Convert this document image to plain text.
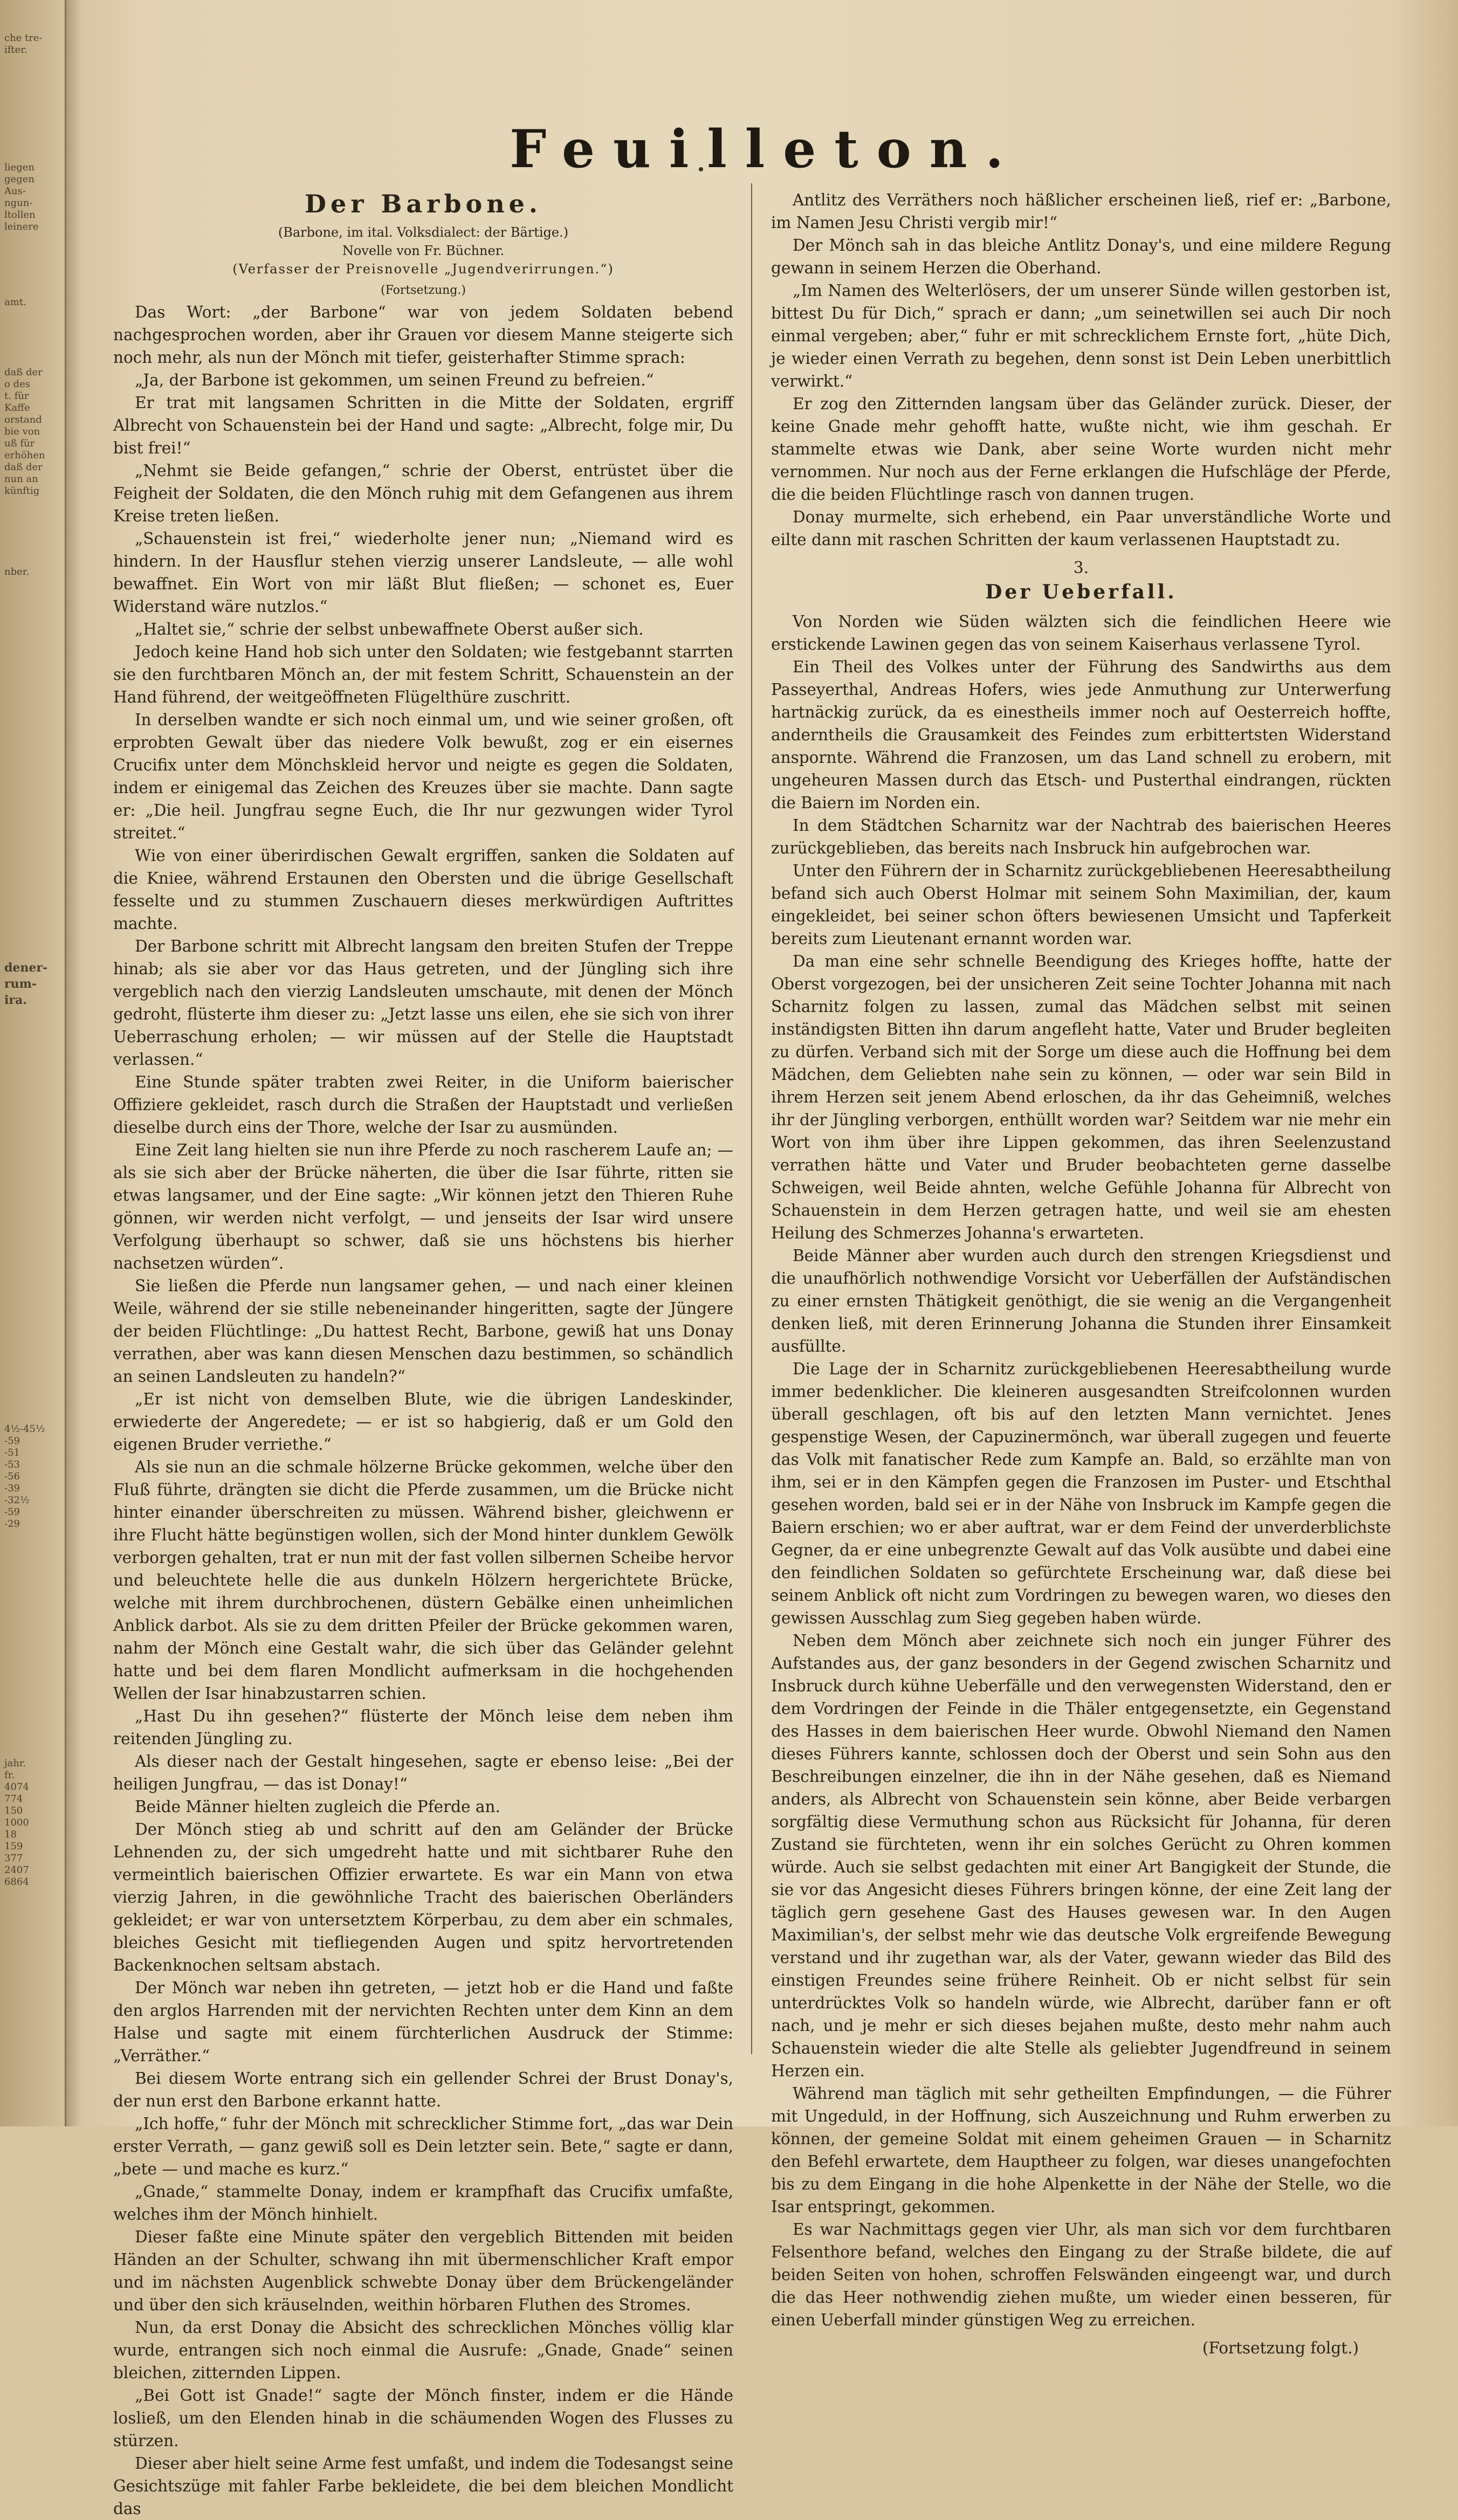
che tre-
ifter.
liegen
gegen
Aus-
ngun-
ltollen
leinere
amt.
daß der
o des
t. für
Kaffe
orstand
bie von
uß für
erhöhen
daß der
nun an
künftig
nber.
dener-
rum-
ira.
4½-45½
-59
-51
-53
-56
-39
-32½
-59
-29
jahr.
fr.
4074
774
150
1000
18
159
377
2407
6864
Feuilleton.

Der Barbone.

(Barbone, im ital. Volksdialect: der Bärtige.)

Novelle von Fr. Büchner.

(Verfasser der Preisnovelle „Jugendverirrungen.“)

(Fortsetzung.)

Das Wort: „der Barbone“ war von jedem Soldaten bebend nachgesprochen worden, aber ihr Grauen vor diesem Manne steigerte sich noch mehr, als nun der Mönch mit tiefer, geisterhafter Stimme sprach:

„Ja, der Barbone ist gekommen, um seinen Freund zu befreien.“

Er trat mit langsamen Schritten in die Mitte der Soldaten, ergriff Albrecht von Schauenstein bei der Hand und sagte: „Albrecht, folge mir, Du bist frei!“

„Nehmt sie Beide gefangen,“ schrie der Oberst, entrüstet über die Feigheit der Soldaten, die den Mönch ruhig mit dem Gefangenen aus ihrem Kreise treten ließen.

„Schauenstein ist frei,“ wiederholte jener nun; „Niemand wird es hindern. In der Hausflur stehen vierzig unserer Landsleute, — alle wohl bewaffnet. Ein Wort von mir läßt Blut fließen; — schonet es, Euer Widerstand wäre nutzlos.“

„Haltet sie,“ schrie der selbst unbewaffnete Oberst außer sich.

Jedoch keine Hand hob sich unter den Soldaten; wie festgebannt starrten sie den furchtbaren Mönch an, der mit festem Schritt, Schauenstein an der Hand führend, der weitgeöffneten Flügelthüre zuschritt.

In derselben wandte er sich noch einmal um, und wie seiner großen, oft erprobten Gewalt über das niedere Volk bewußt, zog er ein eisernes Crucifix unter dem Mönchskleid hervor und neigte es gegen die Soldaten, indem er einigemal das Zeichen des Kreuzes über sie machte. Dann sagte er: „Die heil. Jungfrau segne Euch, die Ihr nur gezwungen wider Tyrol streitet.“

Wie von einer überirdischen Gewalt ergriffen, sanken die Soldaten auf die Kniee, während Erstaunen den Obersten und die übrige Gesellschaft fesselte und zu stummen Zuschauern dieses merkwürdigen Auftrittes machte.

Der Barbone schritt mit Albrecht langsam den breiten Stufen der Treppe hinab; als sie aber vor das Haus getreten, und der Jüngling sich ihre vergeblich nach den vierzig Landsleuten umschaute, mit denen der Mönch gedroht, flüsterte ihm dieser zu: „Jetzt lasse uns eilen, ehe sie sich von ihrer Ueberraschung erholen; — wir müssen auf der Stelle die Hauptstadt verlassen.“

Eine Stunde später trabten zwei Reiter, in die Uniform baierischer Offiziere gekleidet, rasch durch die Straßen der Hauptstadt und verließen dieselbe durch eins der Thore, welche der Isar zu ausmünden.

Eine Zeit lang hielten sie nun ihre Pferde zu noch rascherem Laufe an; — als sie sich aber der Brücke näherten, die über die Isar führte, ritten sie etwas langsamer, und der Eine sagte: „Wir können jetzt den Thieren Ruhe gönnen, wir werden nicht verfolgt, — und jenseits der Isar wird unsere Verfolgung überhaupt so schwer, daß sie uns höchstens bis hierher nachsetzen würden“.

Sie ließen die Pferde nun langsamer gehen, — und nach einer kleinen Weile, während der sie stille nebeneinander hingeritten, sagte der Jüngere der beiden Flüchtlinge: „Du hattest Recht, Barbone, gewiß hat uns Donay verrathen, aber was kann diesen Menschen dazu bestimmen, so schändlich an seinen Landsleuten zu handeln?“

„Er ist nicht von demselben Blute, wie die übrigen Landeskinder, erwiederte der Angeredete; — er ist so habgierig, daß er um Gold den eigenen Bruder verriethe.“

Als sie nun an die schmale hölzerne Brücke gekommen, welche über den Fluß führte, drängten sie dicht die Pferde zusammen, um die Brücke nicht hinter einander überschreiten zu müssen. Während bisher, gleichwenn er ihre Flucht hätte begünstigen wollen, sich der Mond hinter dunklem Gewölk verborgen gehalten, trat er nun mit der fast vollen silbernen Scheibe hervor und beleuchtete helle die aus dunkeln Hölzern hergerichtete Brücke, welche mit ihrem durchbrochenen, düstern Gebälke einen unheimlichen Anblick darbot. Als sie zu dem dritten Pfeiler der Brücke gekommen waren, nahm der Mönch eine Gestalt wahr, die sich über das Geländer gelehnt hatte und bei dem flaren Mondlicht aufmerksam in die hochgehenden Wellen der Isar hinabzustarren schien.

„Hast Du ihn gesehen?“ flüsterte der Mönch leise dem neben ihm reitenden Jüngling zu.

Als dieser nach der Gestalt hingesehen, sagte er ebenso leise: „Bei der heiligen Jungfrau, — das ist Donay!“

Beide Männer hielten zugleich die Pferde an.

Der Mönch stieg ab und schritt auf den am Geländer der Brücke Lehnenden zu, der sich umgedreht hatte und mit sichtbarer Ruhe den vermeintlich baierischen Offizier erwartete. Es war ein Mann von etwa vierzig Jahren, in die gewöhnliche Tracht des baierischen Oberländers gekleidet; er war von untersetztem Körperbau, zu dem aber ein schmales, bleiches Gesicht mit tiefliegenden Augen und spitz hervortretenden Backenknochen seltsam abstach.

Der Mönch war neben ihn getreten, — jetzt hob er die Hand und faßte den arglos Harrenden mit der nervichten Rechten unter dem Kinn an dem Halse und sagte mit einem fürchterlichen Ausdruck der Stimme: „Verräther.“

Bei diesem Worte entrang sich ein gellender Schrei der Brust Donay's, der nun erst den Barbone erkannt hatte.

„Ich hoffe,“ fuhr der Mönch mit schrecklicher Stimme fort, „das war Dein erster Verrath, — ganz gewiß soll es Dein letzter sein. Bete,“ sagte er dann, „bete — und mache es kurz.“

„Gnade,“ stammelte Donay, indem er krampfhaft das Crucifix umfaßte, welches ihm der Mönch hinhielt.

Dieser faßte eine Minute später den vergeblich Bittenden mit beiden Händen an der Schulter, schwang ihn mit übermenschlicher Kraft empor und im nächsten Augenblick schwebte Donay über dem Brückengeländer und über den sich kräuselnden, weithin hörbaren Fluthen des Stromes.

Nun, da erst Donay die Absicht des schrecklichen Mönches völlig klar wurde, entrangen sich noch einmal die Ausrufe: „Gnade, Gnade“ seinen bleichen, zitternden Lippen.

„Bei Gott ist Gnade!“ sagte der Mönch finster, indem er die Hände losließ, um den Elenden hinab in die schäumenden Wogen des Flusses zu stürzen.

Dieser aber hielt seine Arme fest umfaßt, und indem die Todesangst seine Gesichtszüge mit fahler Farbe bekleidete, die bei dem bleichen Mondlicht das

Antlitz des Verräthers noch häßlicher erscheinen ließ, rief er: „Barbone, im Namen Jesu Christi vergib mir!“

Der Mönch sah in das bleiche Antlitz Donay's, und eine mildere Regung gewann in seinem Herzen die Oberhand.

„Im Namen des Welterlösers, der um unserer Sünde willen gestorben ist, bittest Du für Dich,“ sprach er dann; „um seinetwillen sei auch Dir noch einmal vergeben; aber,“ fuhr er mit schrecklichem Ernste fort, „hüte Dich, je wieder einen Verrath zu begehen, denn sonst ist Dein Leben unerbittlich verwirkt.“

Er zog den Zitternden langsam über das Geländer zurück. Dieser, der keine Gnade mehr gehofft hatte, wußte nicht, wie ihm geschah. Er stammelte etwas wie Dank, aber seine Worte wurden nicht mehr vernommen. Nur noch aus der Ferne erklangen die Hufschläge der Pferde, die die beiden Flüchtlinge rasch von dannen trugen.

Donay murmelte, sich erhebend, ein Paar unverständliche Worte und eilte dann mit raschen Schritten der kaum verlassenen Hauptstadt zu.

3.

Der Ueberfall.

Von Norden wie Süden wälzten sich die feindlichen Heere wie erstickende Lawinen gegen das von seinem Kaiserhaus verlassene Tyrol.

Ein Theil des Volkes unter der Führung des Sandwirths aus dem Passeyerthal, Andreas Hofers, wies jede Anmuthung zur Unterwerfung hartnäckig zurück, da es einestheils immer noch auf Oesterreich hoffte, anderntheils die Grausamkeit des Feindes zum erbittertsten Widerstand anspornte. Während die Franzosen, um das Land schnell zu erobern, mit ungeheuren Massen durch das Etsch- und Pusterthal eindrangen, rückten die Baiern im Norden ein.

In dem Städtchen Scharnitz war der Nachtrab des baierischen Heeres zurückgeblieben, das bereits nach Insbruck hin aufgebrochen war.

Unter den Führern der in Scharnitz zurückgebliebenen Heeresabtheilung befand sich auch Oberst Holmar mit seinem Sohn Maximilian, der, kaum eingekleidet, bei seiner schon öfters bewiesenen Umsicht und Tapferkeit bereits zum Lieutenant ernannt worden war.

Da man eine sehr schnelle Beendigung des Krieges hoffte, hatte der Oberst vorgezogen, bei der unsicheren Zeit seine Tochter Johanna mit nach Scharnitz folgen zu lassen, zumal das Mädchen selbst mit seinen inständigsten Bitten ihn darum angefleht hatte, Vater und Bruder begleiten zu dürfen. Verband sich mit der Sorge um diese auch die Hoffnung bei dem Mädchen, dem Geliebten nahe sein zu können, — oder war sein Bild in ihrem Herzen seit jenem Abend erloschen, da ihr das Geheimniß, welches ihr der Jüngling verborgen, enthüllt worden war? Seitdem war nie mehr ein Wort von ihm über ihre Lippen gekommen, das ihren Seelenzustand verrathen hätte und Vater und Bruder beobachteten gerne dasselbe Schweigen, weil Beide ahnten, welche Gefühle Johanna für Albrecht von Schauenstein in dem Herzen getragen hatte, und weil sie am ehesten Heilung des Schmerzes Johanna's erwarteten.

Beide Männer aber wurden auch durch den strengen Kriegsdienst und die unaufhörlich nothwendige Vorsicht vor Ueberfällen der Aufständischen zu einer ernsten Thätigkeit genöthigt, die sie wenig an die Vergangenheit denken ließ, mit deren Erinnerung Johanna die Stunden ihrer Einsamkeit ausfüllte.

Die Lage der in Scharnitz zurückgebliebenen Heeresabtheilung wurde immer bedenklicher. Die kleineren ausgesandten Streifcolonnen wurden überall geschlagen, oft bis auf den letzten Mann vernichtet. Jenes gespenstige Wesen, der Capuzinermönch, war überall zugegen und feuerte das Volk mit fanatischer Rede zum Kampfe an. Bald, so erzählte man von ihm, sei er in den Kämpfen gegen die Franzosen im Puster- und Etschthal gesehen worden, bald sei er in der Nähe von Insbruck im Kampfe gegen die Baiern erschien; wo er aber auftrat, war er dem Feind der unverderblichste Gegner, da er eine unbegrenzte Gewalt auf das Volk ausübte und dabei eine den feindlichen Soldaten so gefürchtete Erscheinung war, daß diese bei seinem Anblick oft nicht zum Vordringen zu bewegen waren, wo dieses den gewissen Ausschlag zum Sieg gegeben haben würde.

Neben dem Mönch aber zeichnete sich noch ein junger Führer des Aufstandes aus, der ganz besonders in der Gegend zwischen Scharnitz und Insbruck durch kühne Ueberfälle und den verwegensten Widerstand, den er dem Vordringen der Feinde in die Thäler entgegensetzte, ein Gegenstand des Hasses in dem baierischen Heer wurde. Obwohl Niemand den Namen dieses Führers kannte, schlossen doch der Oberst und sein Sohn aus den Beschreibungen einzelner, die ihn in der Nähe gesehen, daß es Niemand anders, als Albrecht von Schauenstein sein könne, aber Beide verbargen sorgfältig diese Vermuthung schon aus Rücksicht für Johanna, für deren Zustand sie fürchteten, wenn ihr ein solches Gerücht zu Ohren kommen würde. Auch sie selbst gedachten mit einer Art Bangigkeit der Stunde, die sie vor das Angesicht dieses Führers bringen könne, der eine Zeit lang der täglich gern gesehene Gast des Hauses gewesen war. In den Augen Maximilian's, der selbst mehr wie das deutsche Volk ergreifende Bewegung verstand und ihr zugethan war, als der Vater, gewann wieder das Bild des einstigen Freundes seine frühere Reinheit. Ob er nicht selbst für sein unterdrücktes Volk so handeln würde, wie Albrecht, darüber fann er oft nach, und je mehr er sich dieses bejahen mußte, desto mehr nahm auch Schauenstein wieder die alte Stelle als geliebter Jugendfreund in seinem Herzen ein.

Während man täglich mit sehr getheilten Empfindungen, — die Führer mit Ungeduld, in der Hoffnung, sich Auszeichnung und Ruhm erwerben zu können, der gemeine Soldat mit einem geheimen Grauen — in Scharnitz den Befehl erwartete, dem Hauptheer zu folgen, war dieses unangefochten bis zu dem Eingang in die hohe Alpenkette in der Nähe der Stelle, wo die Isar entspringt, gekommen.

Es war Nachmittags gegen vier Uhr, als man sich vor dem furchtbaren Felsenthore befand, welches den Eingang zu der Straße bildete, die auf beiden Seiten von hohen, schroffen Felswänden eingeengt war, und durch die das Heer nothwendig ziehen mußte, um wieder einen besseren, für einen Ueberfall minder günstigen Weg zu erreichen.

(Fortsetzung folgt.)
